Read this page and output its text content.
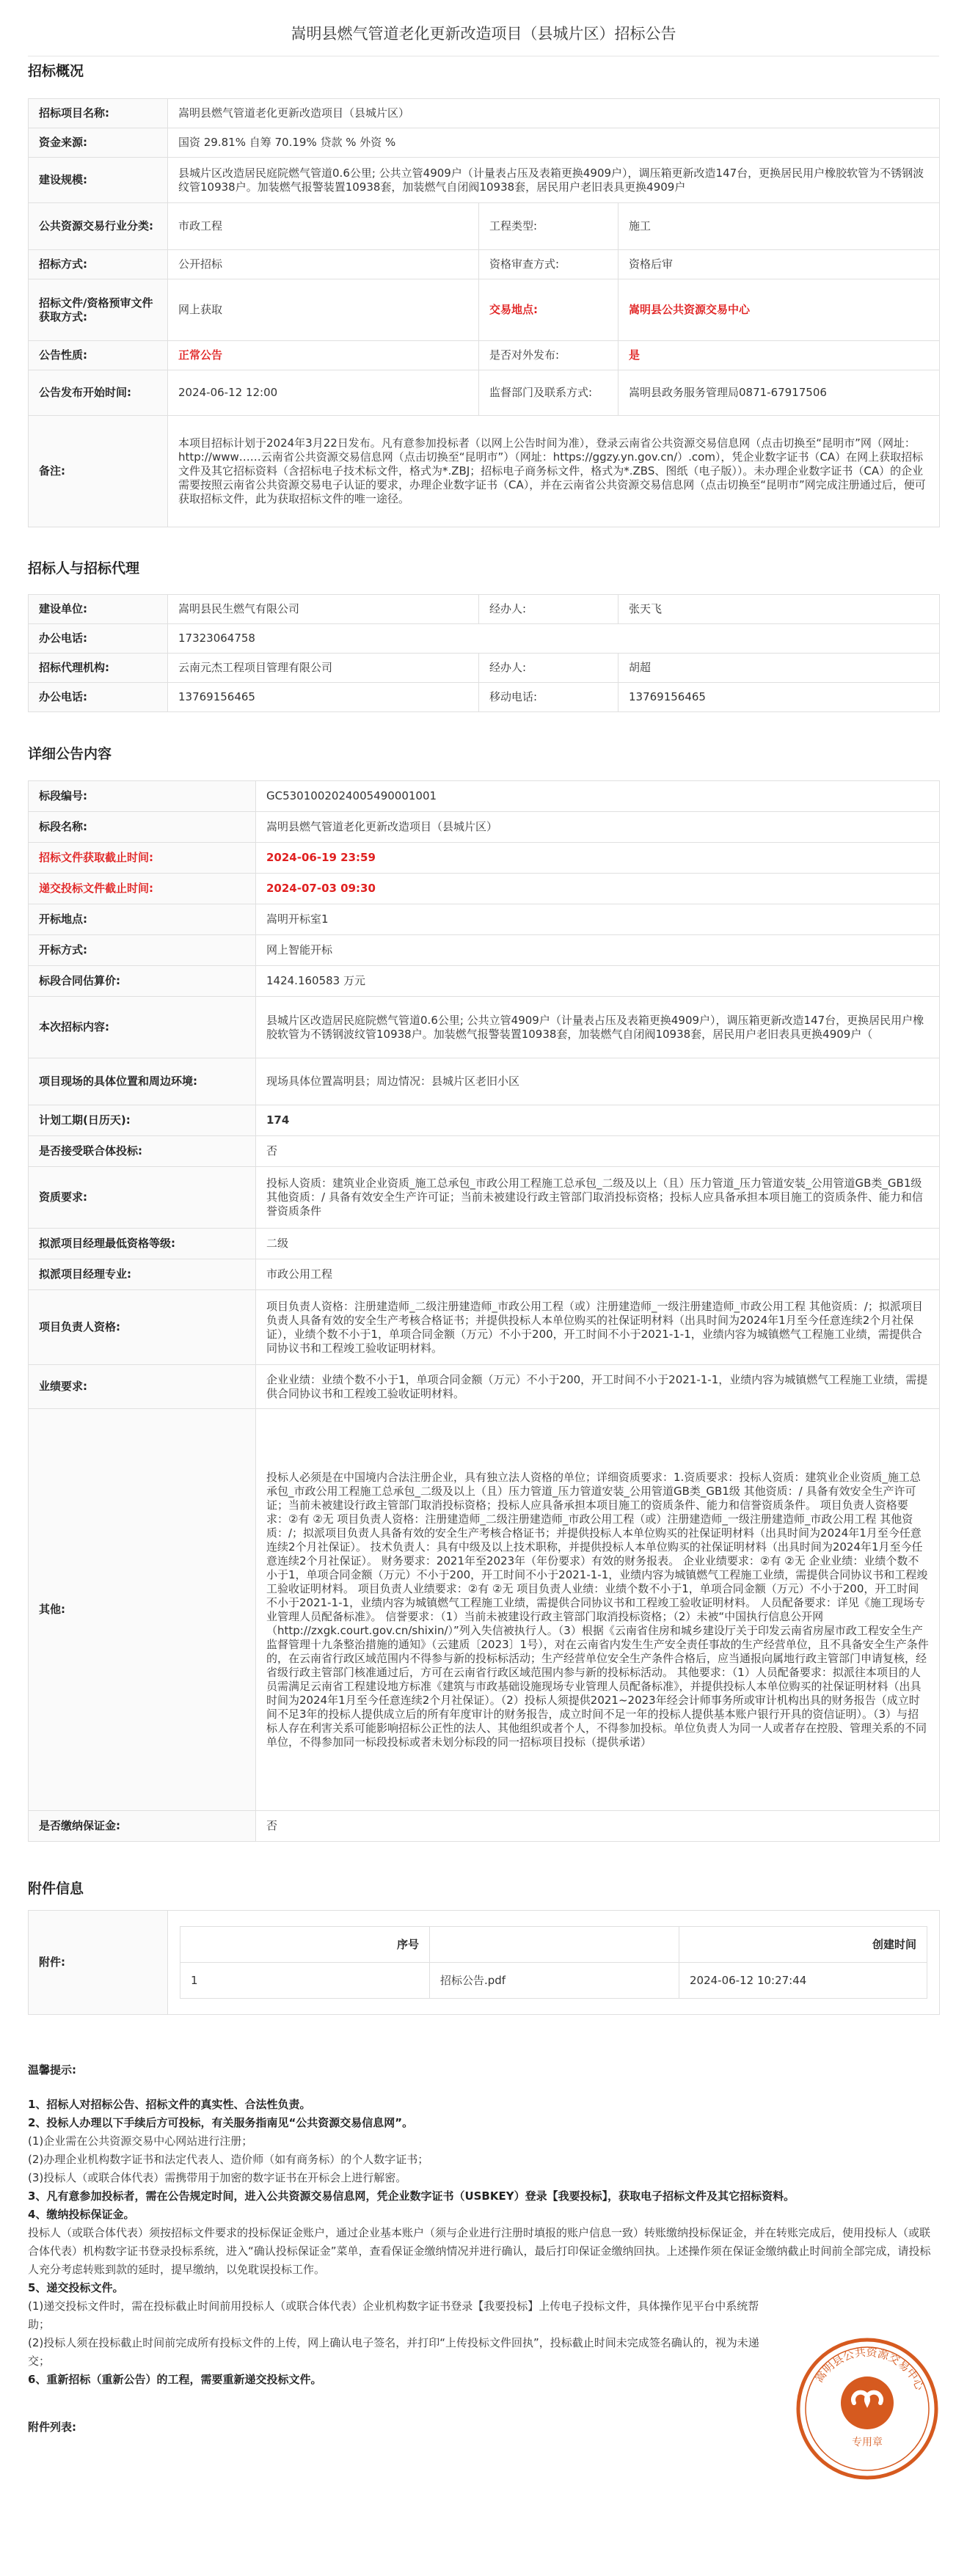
嵩明县燃气管道老化更新改造项目（县城片区）招标公告
招标概况
招标项目名称:	嵩明县燃气管道老化更新改造项目（县城片区）		
资金来源:	国资 29.81% 自筹 70.19% 贷款 % 外资 %		
建设规模:	县城片区改造居民庭院燃气管道0.6公里; 公共立管4909户（计量表占压及表箱更换4909户），调压箱更新改造147台，更换居民用户橡胶软管为不锈钢波纹管10938户。加装燃气报警装置10938套，加装燃气自闭阀10938套，居民用户老旧表具更换4909户		
公共资源交易行业分类:	市政工程	工程类型:	施工
招标方式:	公开招标	资格审查方式:	资格后审
招标文件/资格预审文件获取方式:	网上获取	交易地点:	嵩明县公共资源交易中心
公告性质:	正常公告	是否对外发布:	是
公告发布开始时间:	2024-06-12 12:00	监督部门及联系方式:	嵩明县政务服务管理局0871-67917506
备注:	本项目招标计划于2024年3月22日发布。凡有意参加投标者（以网上公告时间为准），登录云南省公共资源交易信息网（点击切换至“昆明市”网（网址：http://www……云南省公共资源交易信息网（点击切换至“昆明市”）（网址：https://ggzy.yn.gov.cn/）.com），凭企业数字证书（CA）在网上获取招标文件及其它招标资料（含招标电子技术标文件，格式为*.ZBJ；招标电子商务标文件，格式为*.ZBS、图纸（电子版））。未办理企业数字证书（CA）的企业需要按照云南省公共资源交易电子认证的要求，办理企业数字证书（CA），并在云南省公共资源交易信息网（点击切换至“昆明市”网完成注册通过后，便可获取招标文件，此为获取招标文件的唯一途径。		
招标人与招标代理
建设单位:	嵩明县民生燃气有限公司	经办人:	张天飞
办公电话:	17323064758		
招标代理机构:	云南元杰工程项目管理有限公司	经办人:	胡超
办公电话:	13769156465	移动电话:	13769156465
详细公告内容
标段编号:	GC5301002024005490001001
标段名称:	嵩明县燃气管道老化更新改造项目（县城片区）
招标文件获取截止时间:	2024-06-19 23:59
递交投标文件截止时间:	2024-07-03 09:30
开标地点:	嵩明开标室1
开标方式:	网上智能开标
标段合同估算价:	1424.160583 万元
本次招标内容:	县城片区改造居民庭院燃气管道0.6公里; 公共立管4909户（计量表占压及表箱更换4909户），调压箱更新改造147台，更换居民用户橡胶软管为不锈钢波纹管10938户。加装燃气报警装置10938套，加装燃气自闭阀10938套，居民用户老旧表具更换4909户（
项目现场的具体位置和周边环境:	现场具体位置嵩明县；周边情况：县城片区老旧小区
计划工期(日历天):	174
是否接受联合体投标:	否
资质要求:	投标人资质：建筑业企业资质_施工总承包_市政公用工程施工总承包_二级及以上（且）压力管道_压力管道安装_公用管道GB类_GB1级 其他资质：/ 具备有效安全生产许可证；当前未被建设行政主管部门取消投标资格；投标人应具备承担本项目施工的资质条件、能力和信誉资质条件
拟派项目经理最低资格等级:	二级
拟派项目经理专业:	市政公用工程
项目负责人资格:	项目负责人资格：注册建造师_二级注册建造师_市政公用工程（或）注册建造师_一级注册建造师_市政公用工程 其他资质：/；拟派项目负责人具备有效的安全生产考核合格证书；并提供投标人本单位购买的社保证明材料（出具时间为2024年1月至今任意连续2个月社保证），业绩个数不小于1，单项合同金额（万元）不小于200，开工时间不小于2021-1-1，业绩内容为城镇燃气工程施工业绩，需提供合同协议书和工程竣工验收证明材料。
业绩要求:	企业业绩：业绩个数不小于1，单项合同金额（万元）不小于200，开工时间不小于2021-1-1，业绩内容为城镇燃气工程施工业绩，需提供合同协议书和工程竣工验收证明材料。
其他:	投标人必须是在中国境内合法注册企业，具有独立法人资格的单位；详细资质要求：1.资质要求：投标人资质：建筑业企业资质_施工总承包_市政公用工程施工总承包_二级及以上（且）压力管道_压力管道安装_公用管道GB类_GB1级 其他资质：/ 具备有效安全生产许可证；当前未被建设行政主管部门取消投标资格；投标人应具备承担本项目施工的资质条件、能力和信誉资质条件。 项目负责人资格要求：②有 ②无 项目负责人资格：注册建造师_二级注册建造师_市政公用工程（或）注册建造师_一级注册建造师_市政公用工程 其他资质：/；拟派项目负责人具备有效的安全生产考核合格证书；并提供投标人本单位购买的社保证明材料（出具时间为2024年1月至今任意连续2个月社保证）。 技术负责人：具有中级及以上技术职称，并提供投标人本单位购买的社保证明材料（出具时间为2024年1月至今任意连续2个月社保证）。 财务要求：2021年至2023年（年份要求）有效的财务报表。 企业业绩要求：②有 ②无 企业业绩：业绩个数不小于1，单项合同金额（万元）不小于200，开工时间不小于2021-1-1，业绩内容为城镇燃气工程施工业绩，需提供合同协议书和工程竣工验收证明材料。 项目负责人业绩要求：②有 ②无 项目负责人业绩：业绩个数不小于1，单项合同金额（万元）不小于200，开工时间不小于2021-1-1，业绩内容为城镇燃气工程施工业绩，需提供合同协议书和工程竣工验收证明材料。 人员配备要求：详见《施工现场专业管理人员配备标准》。 信誉要求：（1）当前未被建设行政主管部门取消投标资格；（2）未被“中国执行信息公开网（http://zxgk.court.gov.cn/shixin/）”列入失信被执行人。（3）根据《云南省住房和城乡建设厅关于印发云南省房屋市政工程安全生产监督管理十九条整治措施的通知》（云建质〔2023〕1号），对在云南省内发生生产安全责任事故的生产经营单位，且不具备安全生产条件的，在云南省行政区域范围内不得参与新的投标标活动；生产经营单位安全生产条件合格后，应当通报向属地行政主管部门申请复核，经省级行政主管部门核准通过后，方可在云南省行政区域范围内参与新的投标标活动。 其他要求：（1）人员配备要求：拟派往本项目的人员需满足云南省工程建设地方标准《建筑与市政基础设施现场专业管理人员配备标准》，并提供投标人本单位购买的社保证明材料（出具时间为2024年1月至今任意连续2个月社保证）。（2）投标人须提供2021~2023年经会计师事务所或审计机构出具的财务报告（成立时间不足3年的投标人提供成立后的所有年度审计的财务报告，成立时间不足一年的投标人提供基本账户银行开具的资信证明）。（3）与招标人存在利害关系可能影响招标公正性的法人、其他组织或者个人，不得参加投标。单位负责人为同一人或者存在控股、管理关系的不同单位，不得参加同一标段投标或者未划分标段的同一招标项目投标（提供承诺）
是否缴纳保证金:	否
附件信息
附件:	
序号		创建时间
1	招标公告.pdf	2024-06-12 10:27:44
温馨提示:
1、招标人对招标公告、招标文件的真实性、合法性负责。
2、投标人办理以下手续后方可投标，有关服务指南见“公共资源交易信息网”。
(1)企业需在公共资源交易中心网站进行注册；
(2)办理企业机构数字证书和法定代表人、造价师（如有商务标）的个人数字证书；
(3)投标人（或联合体代表）需携带用于加密的数字证书在开标会上进行解密。
3、凡有意参加投标者，需在公告规定时间，进入公共资源交易信息网，凭企业数字证书（USBKEY）登录【我要投标】，获取电子招标文件及其它招标资料。
4、缴纳投标保证金。
投标人（或联合体代表）须按招标文件要求的投标保证金账户，通过企业基本账户（须与企业进行注册时填报的账户信息一致）转账缴纳投标保证金，并在转账完成后，使用投标人（或联合体代表）机构数字证书登录投标系统，进入“确认投标保证金”菜单，查看保证金缴纳情况并进行确认，最后打印保证金缴纳回执。上述操作须在保证金缴纳截止时间前全部完成，请投标人充分考虑转账到款的延时，提早缴纳，以免耽误投标工作。
5、递交投标文件。
(1)递交投标文件时，需在投标截止时间前用投标人（或联合体代表）企业机构数字证书登录【我要投标】上传电子投标文件，具体操作见平台中系统帮助；
(2)投标人须在投标截止时间前完成所有投标文件的上传，网上确认电子签名，并打印“上传投标文件回执”，投标截止时间未完成签名确认的，视为未递交；
6、重新招标（重新公告）的工程，需要重新递交投标文件。
附件列表:
嵩明县公共资源交易中心
专用章
